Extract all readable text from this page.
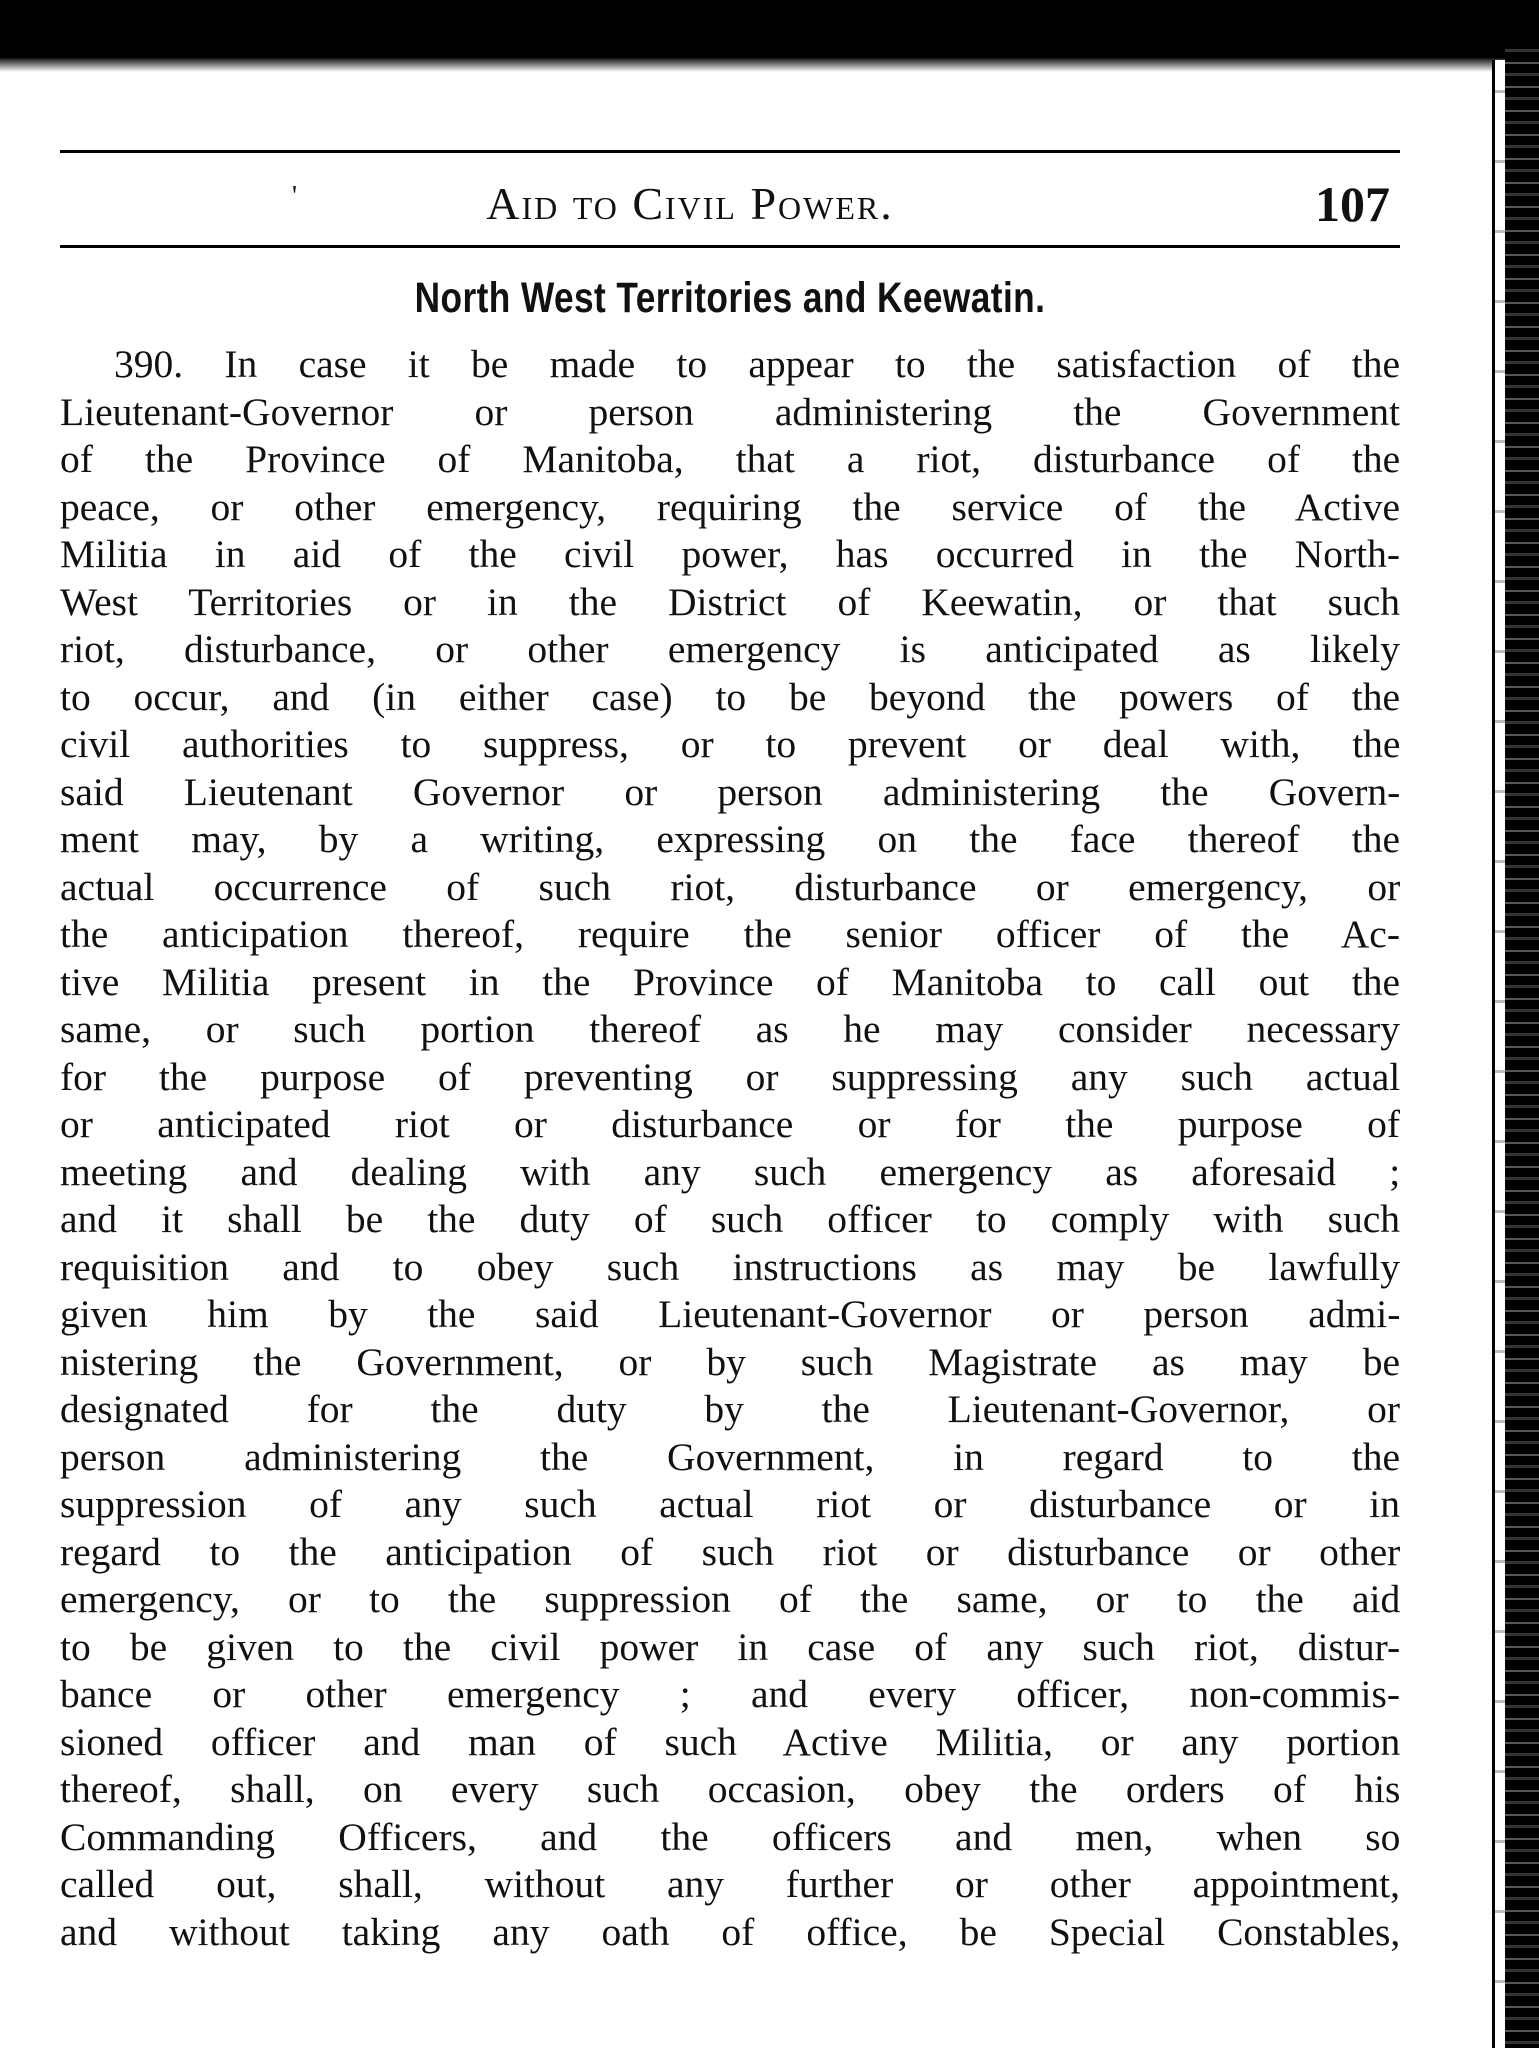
'	Aid to Civil Power.	107
North West Territories and Keewatin.
390. In case it be made to appear to the satisfaction of the
Lieutenant-Governor or person administering the Government
of the Province of Manitoba, that a riot, disturbance of the
peace, or other emergency, requiring the service of the Active
Militia in aid of the civil power, has occurred in the North-
West Territories or in the District of Keewatin, or that such
riot, disturbance, or other emergency is anticipated as likely
to occur, and (in either case) to be beyond the powers of the
civil authorities to suppress, or to prevent or deal with, the
said Lieutenant Governor or person administering the Govern-
ment may, by a writing, expressing on the face thereof the
actual occurrence of such riot, disturbance or emergency, or
the anticipation thereof, require the senior officer of the Ac-
tive Militia present in the Province of Manitoba to call out the
same, or such portion thereof as he may consider necessary
for the purpose of preventing or suppressing any such actual
or anticipated riot or disturbance or for the purpose of
meeting and dealing with any such emergency as aforesaid ;
and it shall be the duty of such officer to comply with such
requisition and to obey such instructions as may be lawfully
given him by the said Lieutenant-Governor or person admi-
nistering the Government, or by such Magistrate as may be
designated for the duty by the Lieutenant-Governor, or
person administering the Government, in regard to the
suppression of any such actual riot or disturbance or in
regard to the anticipation of such riot or disturbance or other
emergency, or to the suppression of the same, or to the aid
to be given to the civil power in case of any such riot, distur-
bance or other emergency ; and every officer, non-commis-
sioned officer and man of such Active Militia, or any portion
thereof, shall, on every such occasion, obey the orders of his
Commanding Officers, and the officers and men, when so
called out, shall, without any further or other appointment,
and without taking any oath of office, be Special Constables,
